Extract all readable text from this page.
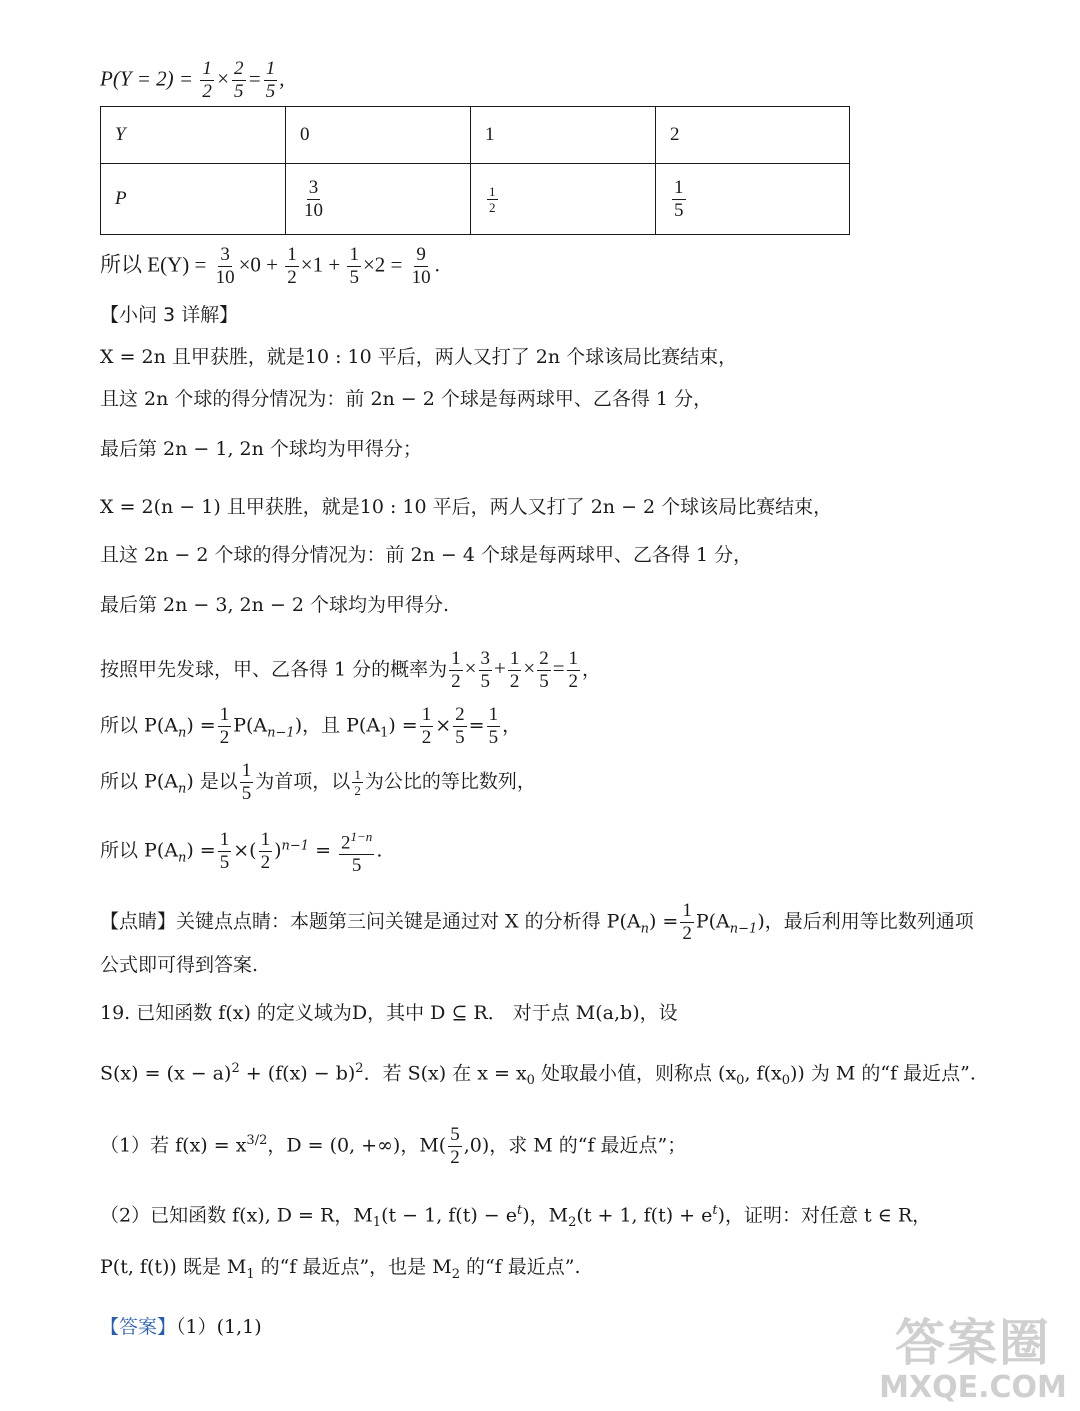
$P(Y = 2) = \frac{1}{2} \times \frac{2}{5} = \frac{1}{5}$ ,
Y	0	1	2
P	$\frac{3}{10}$	$\frac{1}{2}$	$\frac{1}{5}$
所以 $E(Y) = \frac{3}{10} \times 0 + \frac{1}{2} \times 1 + \frac{1}{5} \times 2 = \frac{9}{10}$ .
【小问 3 详解】
X = 2n 且甲获胜，就是10 : 10 平后，两人又打了 2n 个球该局比赛结束，
且这 2n 个球的得分情况为：前 2n − 2 个球是每两球甲、乙各得 1 分，
最后第 2n − 1, 2n 个球均为甲得分；
X = 2(n − 1) 且甲获胜，就是10 : 10 平后，两人又打了 2n − 2 个球该局比赛结束，
且这 2n − 2 个球的得分情况为：前 2n − 4 个球是每两球甲、乙各得 1 分，
最后第 2n − 3, 2n − 2 个球均为甲得分.
按照甲先发球，甲、乙各得 1 分的概率为 $\frac{1}{2} \times \frac{3}{5} + \frac{1}{2} \times \frac{2}{5} = \frac{1}{2}$ ，
所以 $P(A_n) = \frac{1}{2} P(A_{n-1})$，且 $P(A_1) = \frac{1}{2} \times \frac{2}{5} = \frac{1}{5}$ ，
所以 $P(A_n)$ 是以 $\frac{1}{5}$ 为首项，以 $\frac{1}{2}$ 为公比的等比数列，
所以 $P(A_n) = \frac{1}{5}$ ×( $\frac{1}{2} )^{n-1} = \frac{2^{1-n}}{5}$ .
【点睛】关键点点睛：本题第三问关键是通过对 X 的分析得 $P(A_n) = \frac{1}{2} P(A_{n-1})$，最后利用等比数列通项
公式即可得到答案.
19. 已知函数 f(x) 的定义域为D，其中 D ⊆ R． 对于点 M(a,b)，设
$S(x) = (x - a)^2 + (f(x) - b)^2$．若 S(x) 在 $x = x_0$ 处取最小值，则称点 ($x_0$, $f(x_0)$) 为 M 的“f 最近点”.
（1）若 $f(x) = x^{3/2}$，D = (0, +∞)，$M( \frac{5}{2} ,0)$，求 M 的“f 最近点”；
（2）已知函数 f(x), D = R，$M_1(t - 1$, $f(t) - e^t$)，$M_2(t + 1$, $f(t) + e^t$)，证明：对任意 t ∈ R，
P(t, f(t)) 既是 $M_1$ 的“f 最近点”，也是 $M_2$ 的“f 最近点”.
【答案】（1）(1,1)	答案圈
MXQE.COM
